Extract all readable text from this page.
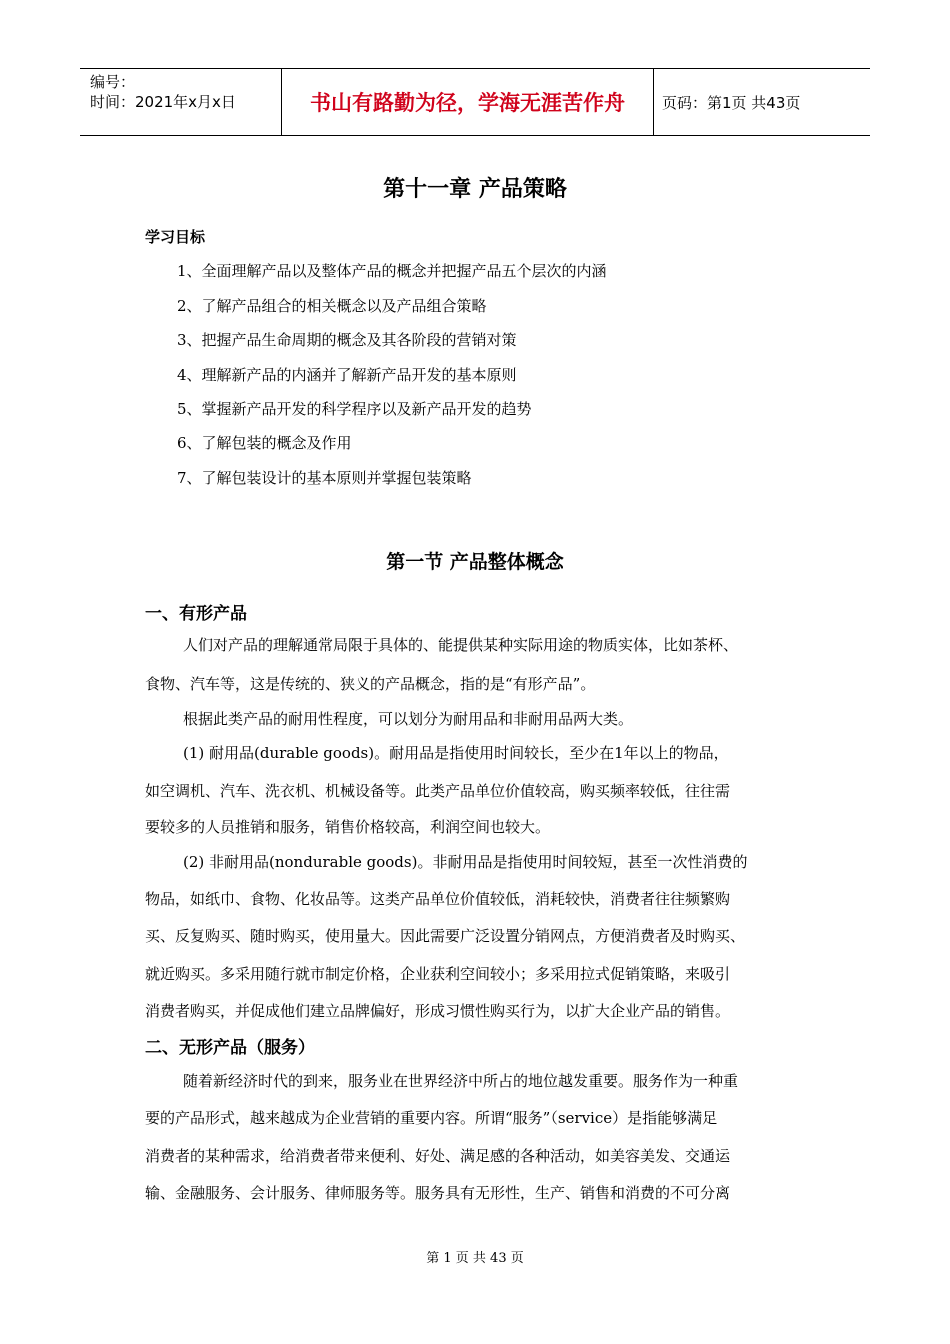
编号：
时间：2021年x月x日	书山有路勤为径，学海无涯苦作舟	页码：第1页 共43页
第十一章 产品策略
学习目标
1、全面理解产品以及整体产品的概念并把握产品五个层次的内涵
2、了解产品组合的相关概念以及产品组合策略
3、把握产品生命周期的概念及其各阶段的营销对策
4、理解新产品的内涵并了解新产品开发的基本原则
5、掌握新产品开发的科学程序以及新产品开发的趋势
6、了解包装的概念及作用
7、了解包装设计的基本原则并掌握包装策略
第一节 产品整体概念
一、有形产品
人们对产品的理解通常局限于具体的、能提供某种实际用途的物质实体，比如茶杯、
食物、汽车等，这是传统的、狭义的产品概念，指的是“有形产品”。
根据此类产品的耐用性程度，可以划分为耐用品和非耐用品两大类。
(1) 耐用品(durable goods)。耐用品是指使用时间较长，至少在1年以上的物品，
如空调机、汽车、洗衣机、机械设备等。此类产品单位价值较高，购买频率较低，往往需
要较多的人员推销和服务，销售价格较高，利润空间也较大。
(2) 非耐用品(nondurable goods)。非耐用品是指使用时间较短，甚至一次性消费的
物品，如纸巾、食物、化妆品等。这类产品单位价值较低，消耗较快，消费者往往频繁购
买、反复购买、随时购买，使用量大。因此需要广泛设置分销网点，方便消费者及时购买、
就近购买。多采用随行就市制定价格，企业获利空间较小；多采用拉式促销策略，来吸引
消费者购买，并促成他们建立品牌偏好，形成习惯性购买行为，以扩大企业产品的销售。
二、无形产品（服务）
随着新经济时代的到来，服务业在世界经济中所占的地位越发重要。服务作为一种重
要的产品形式，越来越成为企业营销的重要内容。所谓“服务”（service）是指能够满足
消费者的某种需求，给消费者带来便利、好处、满足感的各种活动，如美容美发、交通运
输、金融服务、会计服务、律师服务等。服务具有无形性，生产、销售和消费的不可分离
第 1 页 共 43 页
